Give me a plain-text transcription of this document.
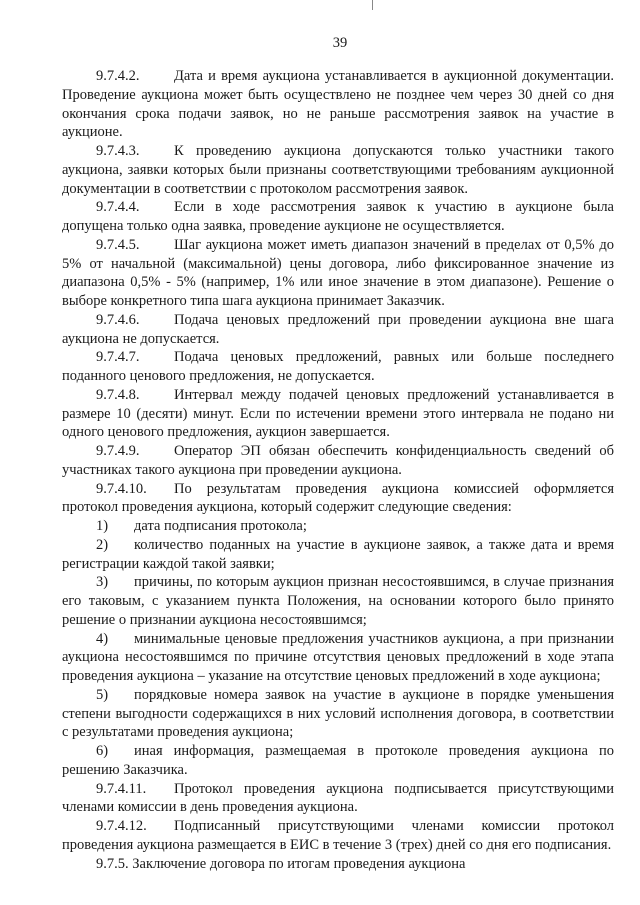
39

9.7.4.2. Дата и время аукциона устанавливается в аукционной документации. Проведение аукциона может быть осуществлено не позднее чем через 30 дней со дня окончания срока подачи заявок, но не раньше рассмотрения заявок на участие в аукционе.

9.7.4.3. К проведению аукциона допускаются только участники такого аукциона, заявки которых были признаны соответствующими требованиям аукционной документации в соответствии с протоколом рассмотрения заявок.

9.7.4.4. Если в ходе рассмотрения заявок к участию в аукционе была допущена только одна заявка, проведение аукционе не осуществляется.

9.7.4.5. Шаг аукциона может иметь диапазон значений в пределах от 0,5% до 5% от начальной (максимальной) цены договора, либо фиксированное значение из диапазона 0,5% - 5% (например, 1% или иное значение в этом диапазоне). Решение о выборе конкретного типа шага аукциона принимает Заказчик.

9.7.4.6. Подача ценовых предложений при проведении аукциона вне шага аукциона не допускается.

9.7.4.7. Подача ценовых предложений, равных или больше последнего поданного ценового предложения, не допускается.

9.7.4.8. Интервал между подачей ценовых предложений устанавливается в размере 10 (десяти) минут. Если по истечении времени этого интервала не подано ни одного ценового предложения, аукцион завершается.

9.7.4.9. Оператор ЭП обязан обеспечить конфиденциальность сведений об участниках такого аукциона при проведении аукциона.

9.7.4.10. По результатам проведения аукциона комиссией оформляется протокол проведения аукциона, который содержит следующие сведения:

1) дата подписания протокола;

2) количество поданных на участие в аукционе заявок, а также дата и время регистрации каждой такой заявки;

3) причины, по которым аукцион признан несостоявшимся, в случае признания его таковым, с указанием пункта Положения, на основании которого было принято решение о признании аукциона несостоявшимся;

4) минимальные ценовые предложения участников аукциона, а при признании аукциона несостоявшимся по причине отсутствия ценовых предложений в ходе этапа проведения аукциона – указание на отсутствие ценовых предложений в ходе аукциона;

5) порядковые номера заявок на участие в аукционе в порядке уменьшения степени выгодности содержащихся в них условий исполнения договора, в соответствии с результатами проведения аукциона;

6) иная информация, размещаемая в протоколе проведения аукциона по решению Заказчика.

9.7.4.11. Протокол проведения аукциона подписывается присутствующими членами комиссии в день проведения аукциона.

9.7.4.12. Подписанный присутствующими членами комиссии протокол проведения аукциона размещается в ЕИС в течение 3 (трех) дней со дня его подписания.

9.7.5. Заключение договора по итогам проведения аукциона
